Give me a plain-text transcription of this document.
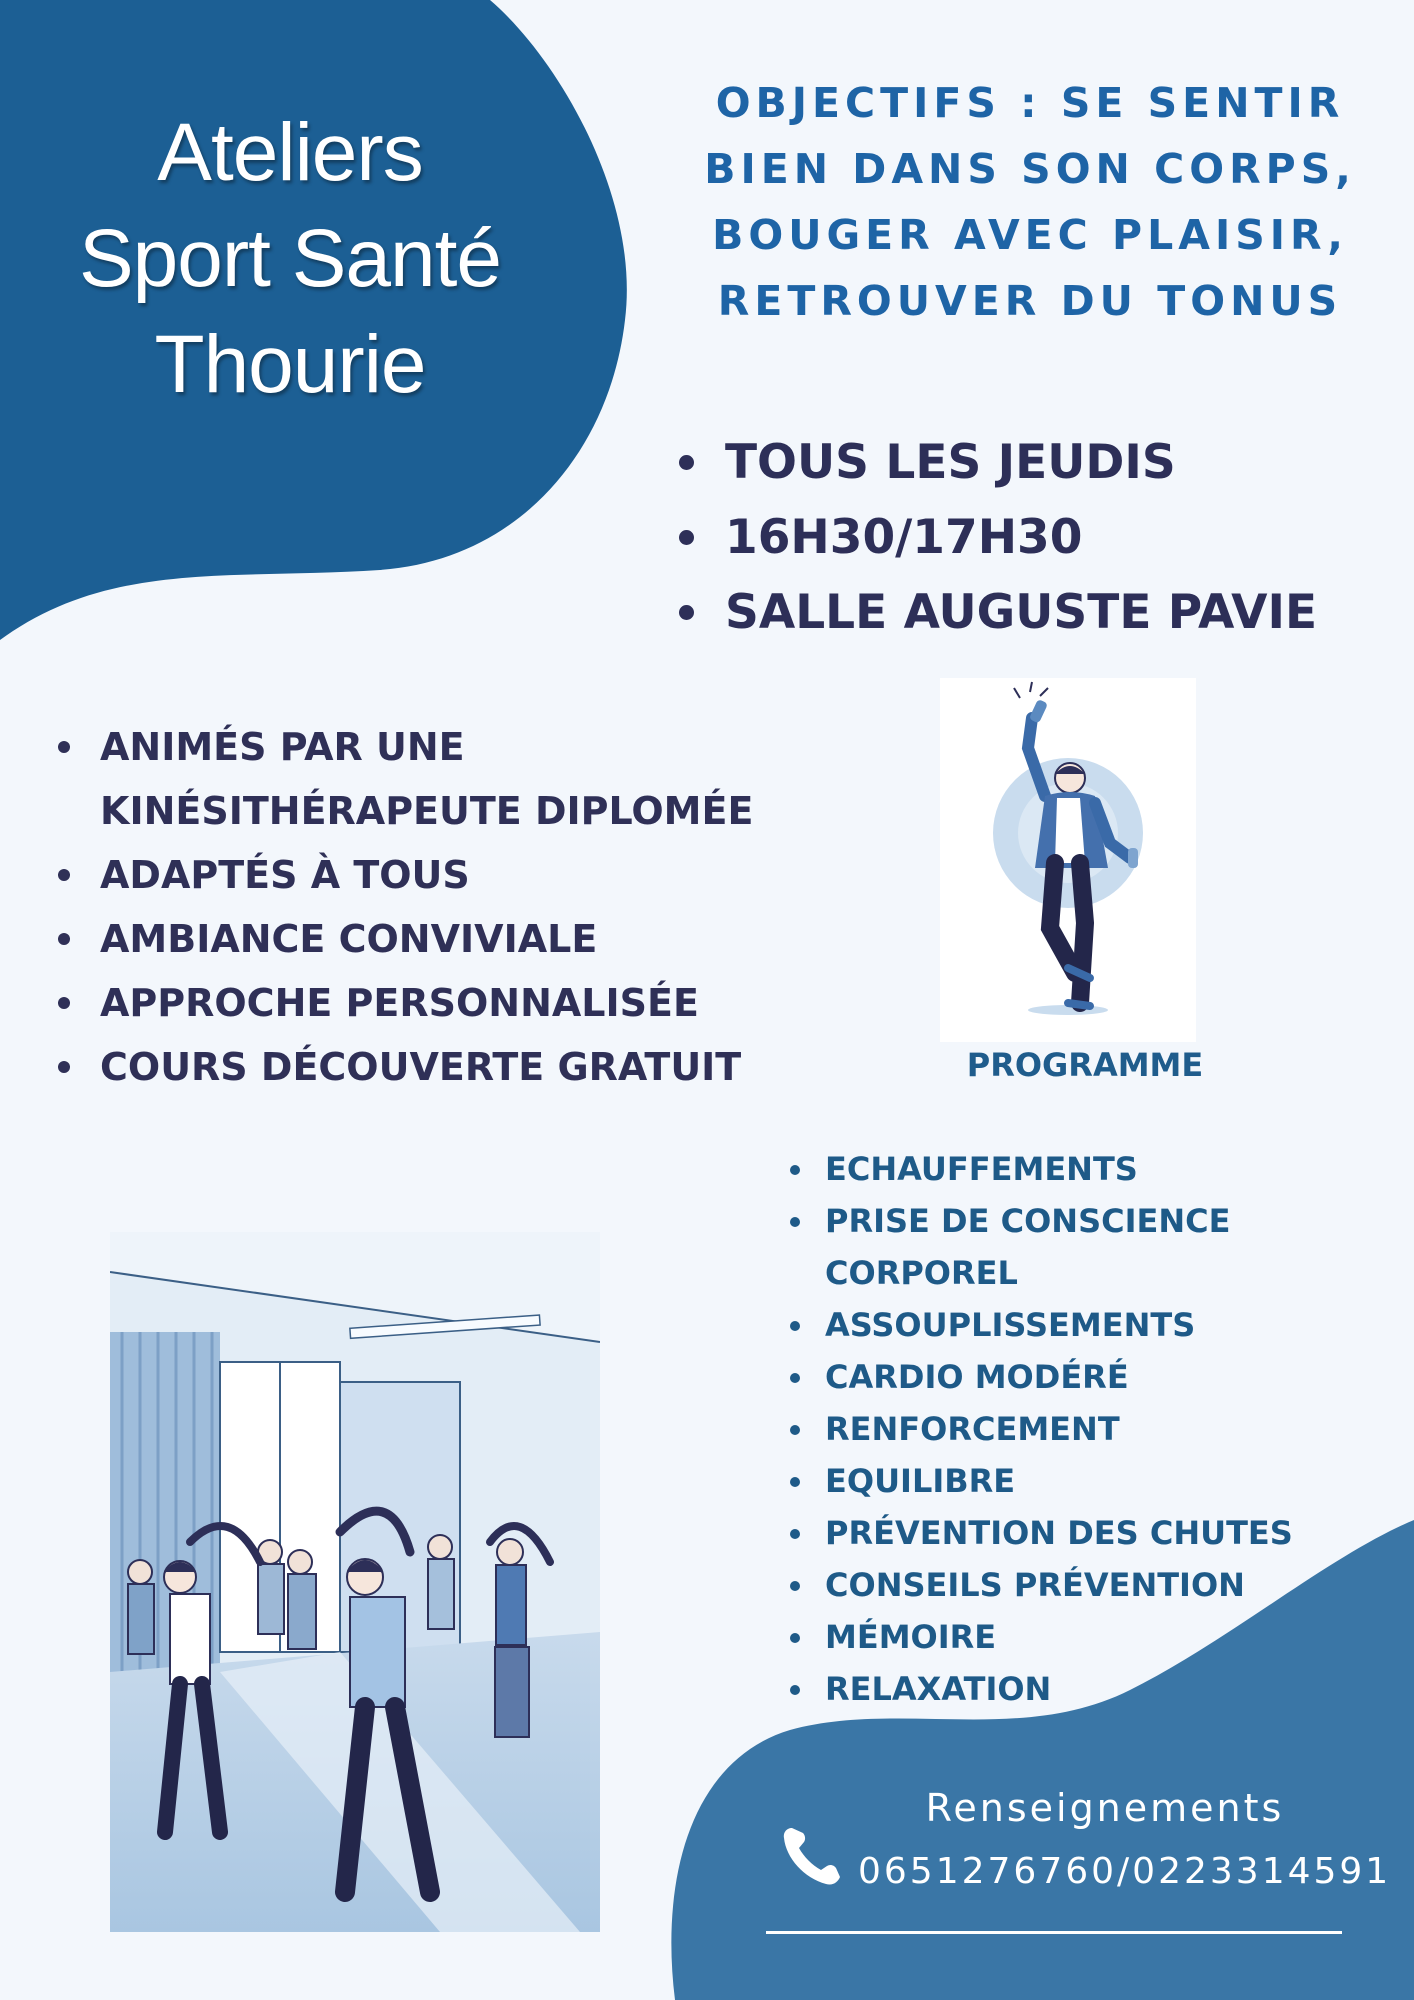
Ateliers
Sport Santé
Thourie
OBJECTIFS : SE SENTIR
BIEN DANS SON CORPS,
BOUGER AVEC PLAISIR,
RETROUVER DU TONUS
TOUS LES JEUDIS
16H30/17H30
SALLE AUGUSTE PAVIE
ANIMÉS PAR UNE
KINÉSITHÉRAPEUTE DIPLOMÉE
ADAPTÉS À TOUS
AMBIANCE CONVIVIALE
APPROCHE PERSONNALISÉE
COURS DÉCOUVERTE GRATUIT	PROGRAMME
ECHAUFFEMENTS
PRISE DE CONSCIENCE
CORPOREL
ASSOUPLISSEMENTS
CARDIO MODÉRÉ
RENFORCEMENT
EQUILIBRE
PRÉVENTION DES CHUTES
CONSEILS PRÉVENTION
MÉMOIRE
RELAXATION
Renseignements
0651276760/0223314591
